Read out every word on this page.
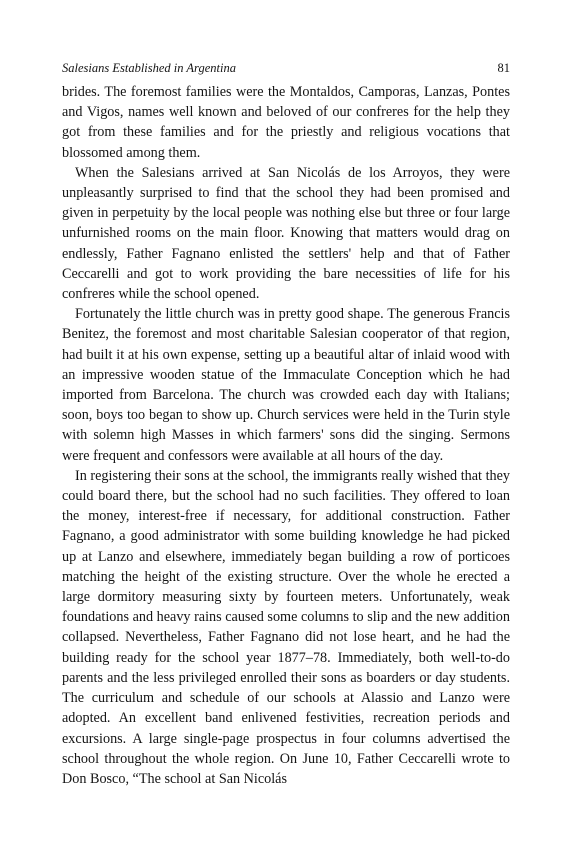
Salesians Established in Argentina	81

brides. The foremost families were the Montaldos, Camporas, Lanzas, Pontes and Vigos, names well known and beloved of our confreres for the help they got from these families and for the priestly and religious vocations that blossomed among them.

When the Salesians arrived at San Nicolás de los Arroyos, they were unpleasantly surprised to find that the school they had been promised and given in perpetuity by the local people was nothing else but three or four large unfurnished rooms on the main floor. Knowing that matters would drag on endlessly, Father Fagnano enlisted the settlers' help and that of Father Ceccarelli and got to work providing the bare necessities of life for his confreres while the school opened.

Fortunately the little church was in pretty good shape. The generous Francis Benitez, the foremost and most charitable Salesian cooperator of that region, had built it at his own expense, setting up a beautiful altar of inlaid wood with an impressive wooden statue of the Immaculate Conception which he had imported from Barcelona. The church was crowded each day with Italians; soon, boys too began to show up. Church services were held in the Turin style with solemn high Masses in which farmers' sons did the singing. Sermons were frequent and confessors were available at all hours of the day.

In registering their sons at the school, the immigrants really wished that they could board there, but the school had no such facilities. They offered to loan the money, interest-free if necessary, for additional construction. Father Fagnano, a good administrator with some building knowledge he had picked up at Lanzo and elsewhere, immediately began building a row of porticoes matching the height of the existing structure. Over the whole he erected a large dormitory measuring sixty by fourteen meters. Unfortunately, weak foundations and heavy rains caused some columns to slip and the new addition collapsed. Nevertheless, Father Fagnano did not lose heart, and he had the building ready for the school year 1877–78. Immediately, both well-to-do parents and the less privileged enrolled their sons as boarders or day students. The curriculum and schedule of our schools at Alassio and Lanzo were adopted. An excellent band enlivened festivities, recreation periods and excursions. A large single-page prospectus in four columns advertised the school throughout the whole region. On June 10, Father Ceccarelli wrote to Don Bosco, “The school at San Nicolás
